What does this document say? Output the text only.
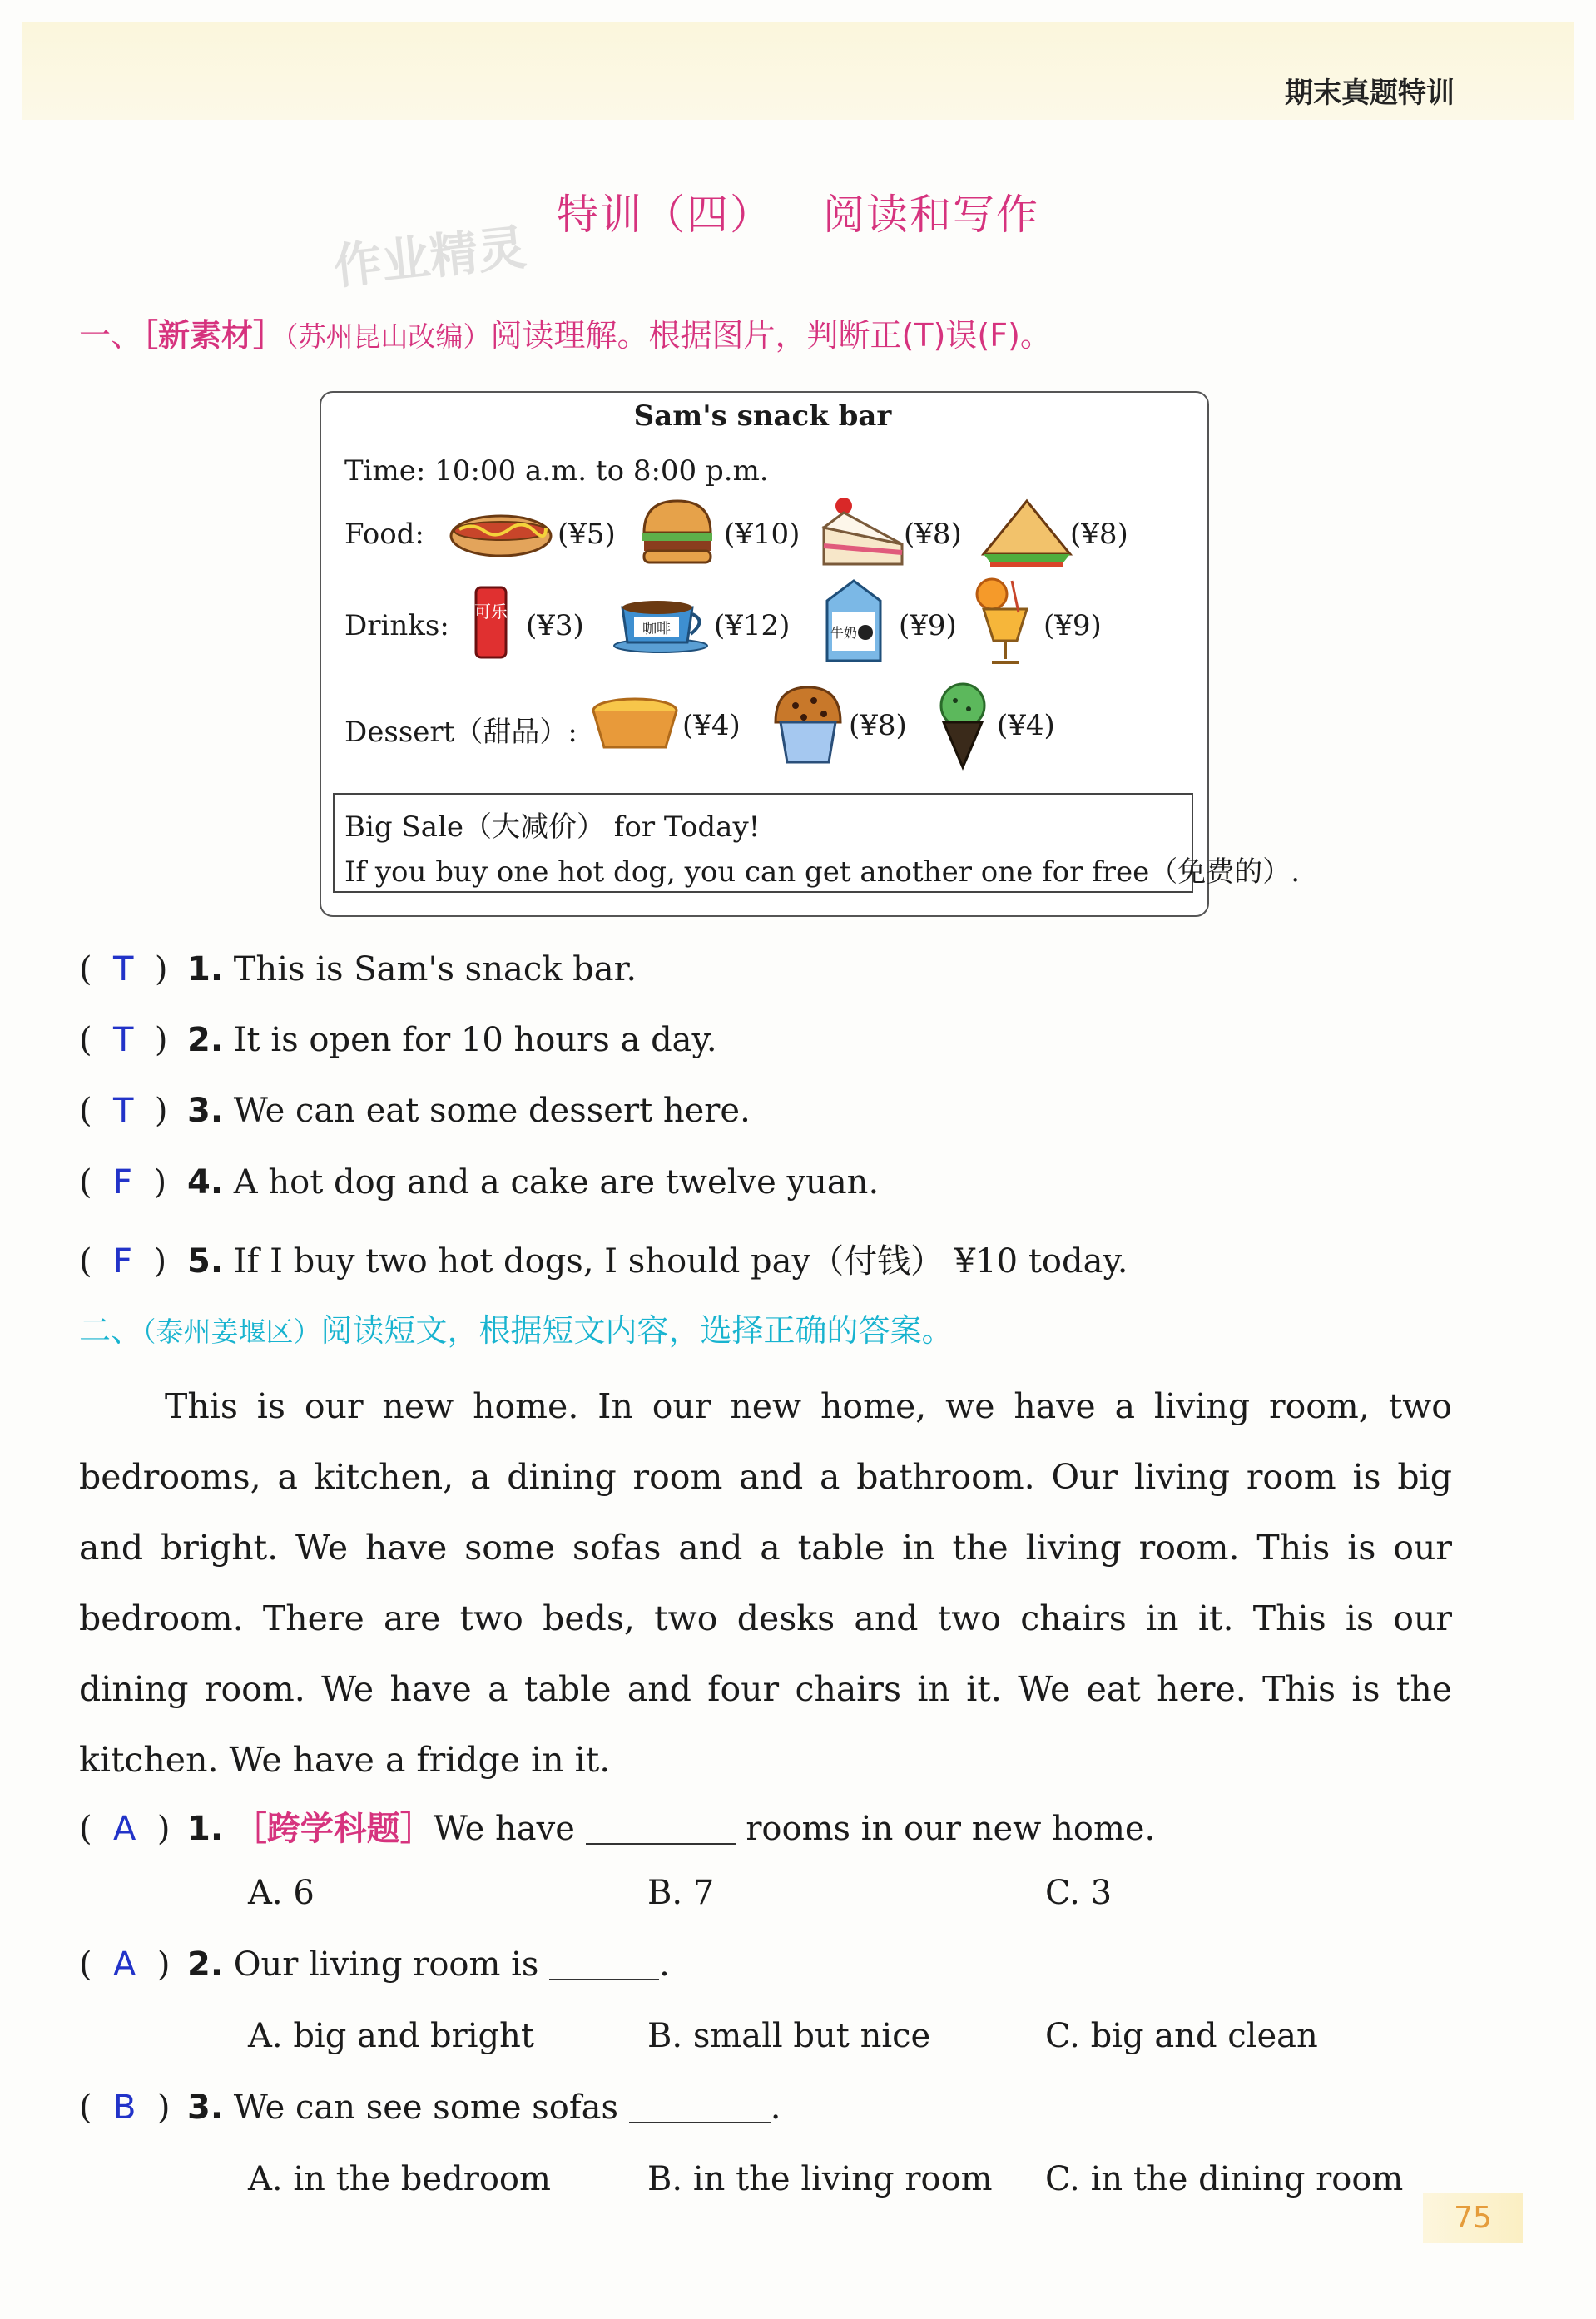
期末真题特训
特训（四） 阅读和写作
作业精灵
一、［新素材］（苏州昆山改编）阅读理解。根据图片，判断正(T)误(F)。
Sam's snack bar
Time: 10:00 a.m. to 8:00 p.m.
Food:	(¥5)	(¥10)	(¥8)	(¥8)
Drinks: 可乐 (¥3)	咖啡 (¥12)	牛奶 (¥9)	(¥9)
Dessert（甜品）:	(¥4)	(¥8)	(¥4)
Big Sale（大减价） for Today!
If you buy one hot dog, you can get another one for free（免费的）.
(  T  ) 1. This is Sam's snack bar.
(  T  ) 2. It is open for 10 hours a day.
(  T  ) 3. We can eat some dessert here.
(  F  ) 4. A hot dog and a cake are twelve yuan.
(  F  ) 5. If I buy two hot dogs, I should pay（付钱） ¥10 today.
二、（泰州姜堰区）阅读短文，根据短文内容，选择正确的答案。
This is our new home. In our new home, we have a living room, two bedrooms, a kitchen, a dining room and a bathroom. Our living room is big and bright. We have some sofas and a table in the living room. This is our bedroom. There are two beds, two desks and two chairs in it. This is our dining room. We have a table and four chairs in it. We eat here. This is the kitchen. We have a fridge in it.
(  A  ) 1. ［跨学科题］We have	rooms in our new home.
A. 6	B. 7	C. 3
(  A  ) 2. Our living room is	.
A. big and bright	B. small but nice	C. big and clean
(  B  ) 3. We can see some sofas	.
A. in the bedroom	B. in the living room C. in the dining room
75
